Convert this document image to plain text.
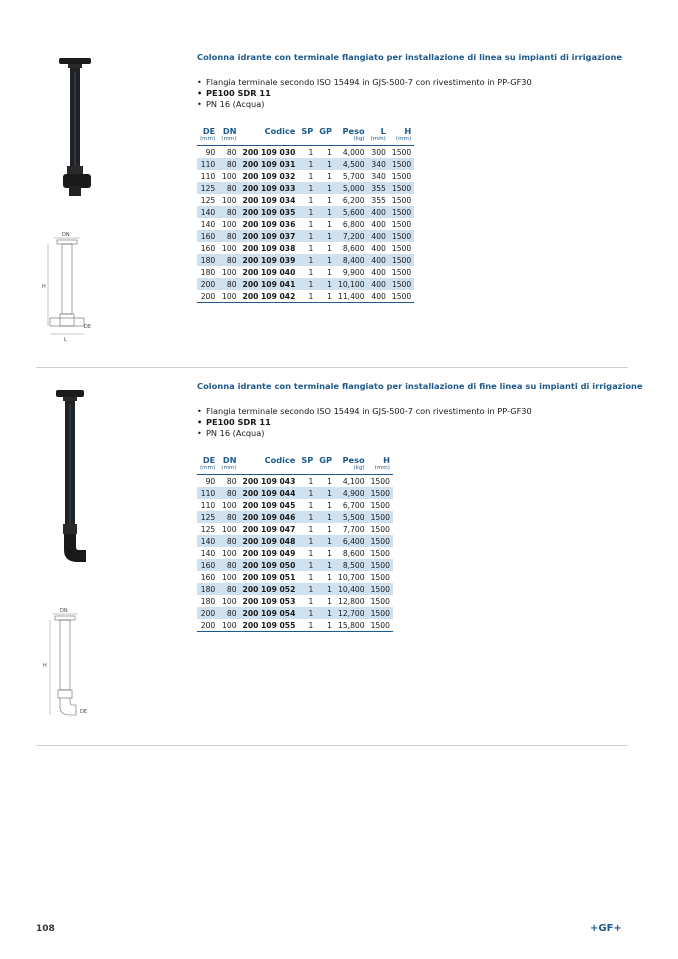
Colonna idrante con terminale flangiato per installazione di linea su impianti di irrigazione
• Flangia terminale secondo ISO 15494 in GJS-500-7 con rivestimento in PP-GF30
• PE100 SDR 11
• PN 16 (Acqua)
DE	DN	Codice	SP	GP	Peso	L	H
(mm)	(mm)				(kg)	(mm)	(mm)
90	80	200 109 030	1	1	4,000	300	1500
110	80	200 109 031	1	1	4,500	340	1500
110	100	200 109 032	1	1	5,700	340	1500
125	80	200 109 033	1	1	5,000	355	1500
125	100	200 109 034	1	1	6,200	355	1500
140	80	200 109 035	1	1	5,600	400	1500
140	100	200 109 036	1	1	6,800	400	1500
160	80	200 109 037	1	1	7,200	400	1500
160	100	200 109 038	1	1	8,600	400	1500
180	80	200 109 039	1	1	8,400	400	1500
180	100	200 109 040	1	1	9,900	400	1500
200	80	200 109 041	1	1	10,100	400	1500
200	100	200 109 042	1	1	11,400	400	1500
DN
H
DE
L
Colonna idrante con terminale flangiato per installazione di fine linea su impianti di irrigazione
• Flangia terminale secondo ISO 15494 in GJS-500-7 con rivestimento in PP-GF30
• PE100 SDR 11
• PN 16 (Acqua)
DE	DN	Codice	SP	GP	Peso	H
(mm)	(mm)				(kg)	(mm)
90	80	200 109 043	1	1	4,100	1500
110	80	200 109 044	1	1	4,900	1500
110	100	200 109 045	1	1	6,700	1500
125	80	200 109 046	1	1	5,500	1500
125	100	200 109 047	1	1	7,700	1500
140	80	200 109 048	1	1	6,400	1500
140	100	200 109 049	1	1	8,600	1500
160	80	200 109 050	1	1	8,500	1500
160	100	200 109 051	1	1	10,700	1500
180	80	200 109 052	1	1	10,400	1500
180	100	200 109 053	1	1	12,800	1500
200	80	200 109 054	1	1	12,700	1500
200	100	200 109 055	1	1	15,800	1500
DN
H
DE
108	+GF+
